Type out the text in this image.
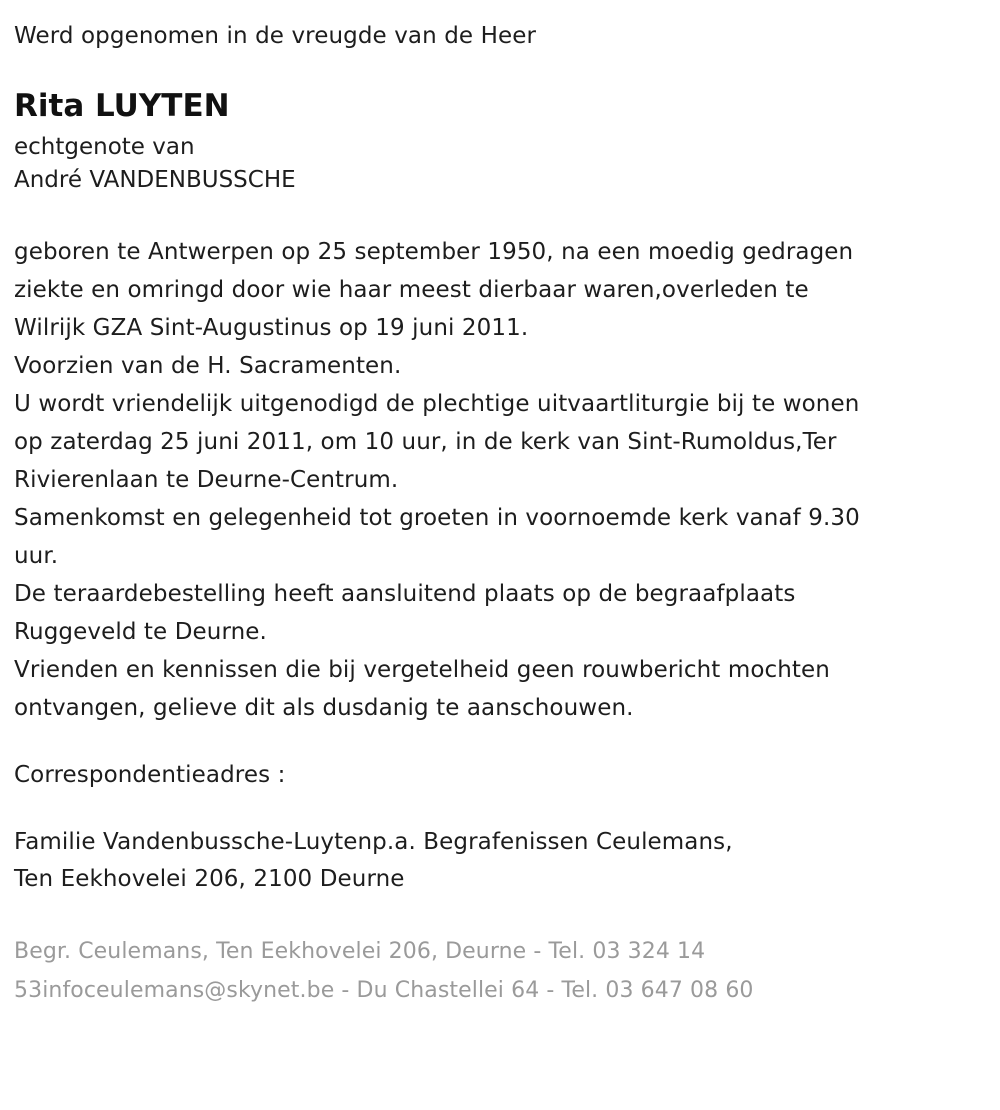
Werd opgenomen in de vreugde van de Heer
Rita LUYTEN
echtgenote van
André VANDENBUSSCHE
geboren te Antwerpen op 25 september 1950, na een moedig gedragen
ziekte en omringd door wie haar meest dierbaar waren,overleden te
Wilrijk GZA Sint-Augustinus op 19 juni 2011.
Voorzien van de H. Sacramenten.
U wordt vriendelijk uitgenodigd de plechtige uitvaartliturgie bij te wonen
op zaterdag 25 juni 2011, om 10 uur, in de kerk van Sint-Rumoldus,Ter
Rivierenlaan te Deurne-Centrum.
Samenkomst en gelegenheid tot groeten in voornoemde kerk vanaf 9.30
uur.
De teraardebestelling heeft aansluitend plaats op de begraafplaats
Ruggeveld te Deurne.
Vrienden en kennissen die bij vergetelheid geen rouwbericht mochten
ontvangen, gelieve dit als dusdanig te aanschouwen.
Correspondentieadres :
Familie Vandenbussche-Luytenp.a. Begrafenissen Ceulemans,
Ten Eekhovelei 206, 2100 Deurne
Begr. Ceulemans, Ten Eekhovelei 206, Deurne - Tel. 03 324 14
53infoceulemans@skynet.be - Du Chastellei 64 - Tel. 03 647 08 60
